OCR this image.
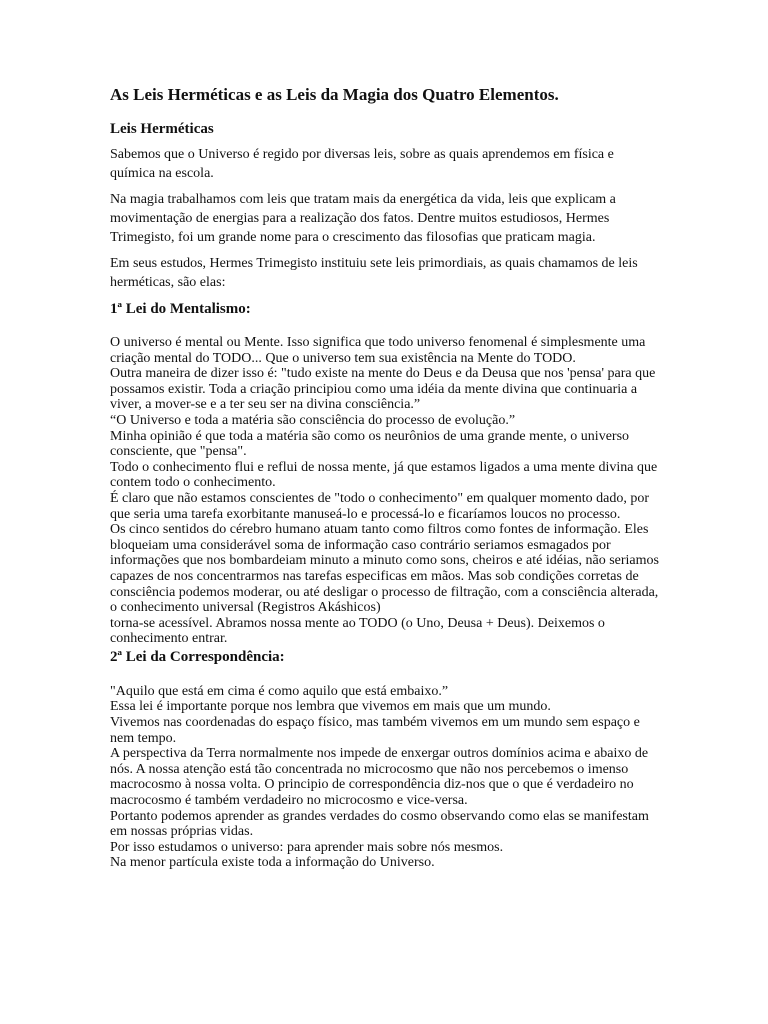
As Leis Herméticas e as Leis da Magia dos Quatro Elementos.
Leis Herméticas

Sabemos que o Universo é regido por diversas leis, sobre as quais aprendemos em física e química na escola.

Na magia trabalhamos com leis que tratam mais da energética da vida, leis que explicam a movimentação de energias para a realização dos fatos. Dentre muitos estudiosos, Hermes Trimegisto, foi um grande nome para o crescimento das filosofias que praticam magia.

Em seus estudos, Hermes Trimegisto instituiu sete leis primordiais, as quais chamamos de leis herméticas, são elas:

1ª Lei do Mentalismo:
O universo é mental ou Mente. Isso significa que todo universo fenomenal é simplesmente uma criação mental do TODO... Que o universo tem sua existência na Mente do TODO.
Outra maneira de dizer isso é: "tudo existe na mente do Deus e da Deusa que nos 'pensa' para que possamos existir. Toda a criação principiou como uma idéia da mente divina que continuaria a viver, a mover-se e a ter seu ser na divina consciência.”
“O Universo e toda a matéria são consciência do processo de evolução.”
Minha opinião é que toda a matéria são como os neurônios de uma grande mente, o universo consciente, que "pensa".
Todo o conhecimento flui e reflui de nossa mente, já que estamos ligados a uma mente divina que contem todo o conhecimento.
É claro que não estamos conscientes de "todo o conhecimento" em qualquer momento dado, por que seria uma tarefa exorbitante manuseá-lo e processá-lo e ficaríamos loucos no processo.
Os cinco sentidos do cérebro humano atuam tanto como filtros como fontes de informação. Eles bloqueiam uma considerável soma de informação caso contrário seriamos esmagados por informações que nos bombardeiam minuto a minuto como sons, cheiros e até idéias, não seriamos capazes de nos concentrarmos nas tarefas especificas em mãos. Mas sob condições corretas de consciência podemos moderar, ou até desligar o processo de filtração, com a consciência alterada, o conhecimento universal (Registros Akáshicos)
torna-se acessível. Abramos nossa mente ao TODO (o Uno, Deusa + Deus). Deixemos o conhecimento entrar.
2ª Lei da Correspondência:
"Aquilo que está em cima é como aquilo que está embaixo.”
Essa lei é importante porque nos lembra que vivemos em mais que um mundo.
Vivemos nas coordenadas do espaço físico, mas também vivemos em um mundo sem espaço e nem tempo.
A perspectiva da Terra normalmente nos impede de enxergar outros domínios acima e abaixo de nós. A nossa atenção está tão concentrada no microcosmo que não nos percebemos o imenso macrocosmo à nossa volta. O principio de correspondência diz-nos que o que é verdadeiro no macrocosmo é também verdadeiro no microcosmo e vice-versa.
Portanto podemos aprender as grandes verdades do cosmo observando como elas se manifestam em nossas próprias vidas.
Por isso estudamos o universo: para aprender mais sobre nós mesmos.
Na menor partícula existe toda a informação do Universo.
